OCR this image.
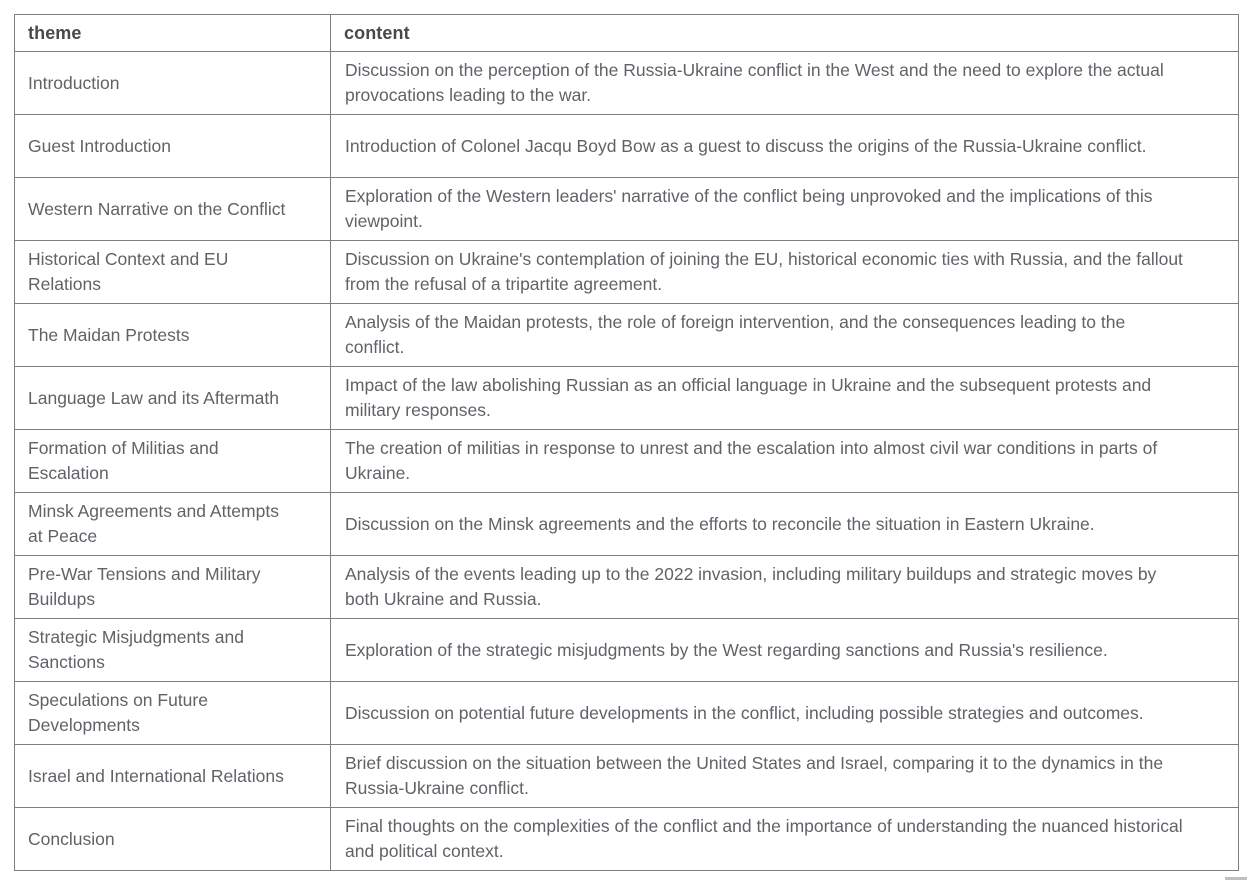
theme	content
Introduction	Discussion on the perception of the Russia-Ukraine conflict in the West and the need to explore the actual provocations leading to the war.
Guest Introduction	Introduction of Colonel Jacqu Boyd Bow as a guest to discuss the origins of the Russia-Ukraine conflict.
Western Narrative on the Conflict	Exploration of the Western leaders' narrative of the conflict being unprovoked and the implications of this viewpoint.
Historical Context and EU Relations	Discussion on Ukraine's contemplation of joining the EU, historical economic ties with Russia, and the fallout from the refusal of a tripartite agreement.
The Maidan Protests	Analysis of the Maidan protests, the role of foreign intervention, and the consequences leading to the conflict.
Language Law and its Aftermath	Impact of the law abolishing Russian as an official language in Ukraine and the subsequent protests and military responses.
Formation of Militias and Escalation	The creation of militias in response to unrest and the escalation into almost civil war conditions in parts of Ukraine.
Minsk Agreements and Attempts at Peace	Discussion on the Minsk agreements and the efforts to reconcile the situation in Eastern Ukraine.
Pre-War Tensions and Military Buildups	Analysis of the events leading up to the 2022 invasion, including military buildups and strategic moves by both Ukraine and Russia.
Strategic Misjudgments and Sanctions	Exploration of the strategic misjudgments by the West regarding sanctions and Russia's resilience.
Speculations on Future Developments	Discussion on potential future developments in the conflict, including possible strategies and outcomes.
Israel and International Relations	Brief discussion on the situation between the United States and Israel, comparing it to the dynamics in the Russia-Ukraine conflict.
Conclusion	Final thoughts on the complexities of the conflict and the importance of understanding the nuanced historical and political context.
